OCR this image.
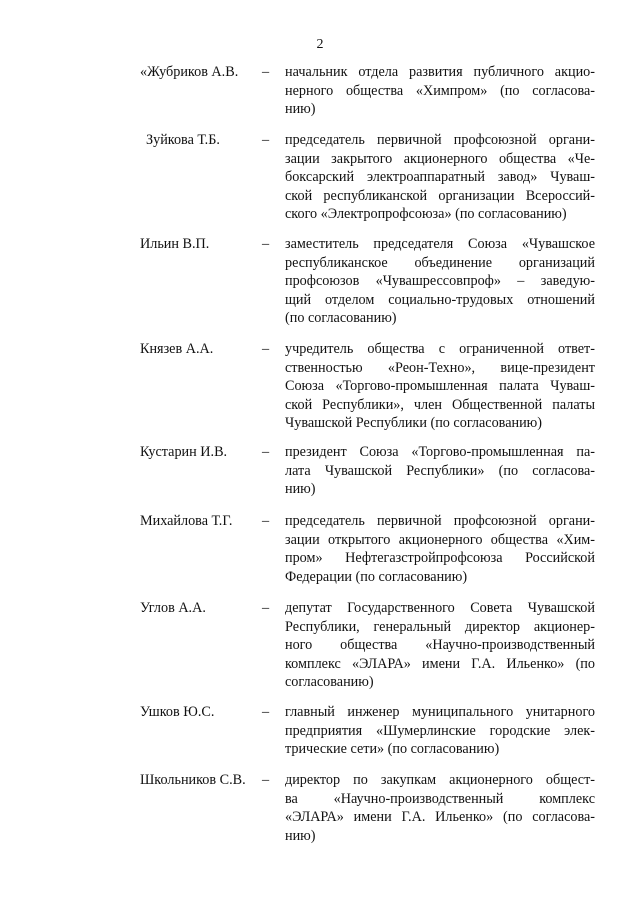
2
«Жубриков А.В. – начальник отдела развития публичного акцио-
нерного общества «Химпром» (по согласова-
нию)
Зуйкова Т.Б.	– председатель первичной профсоюзной органи-
зации закрытого акционерного общества «Че-
боксарский электроаппаратный завод» Чуваш-
ской республиканской организации Всероссий-
ского «Электропрофсоюза» (по согласованию)
Ильин В.П.	– заместитель председателя Союза «Чувашское
республиканское объединение организаций
профсоюзов «Чувашрессовпроф» – заведую-
щий отделом социально-трудовых отношений
(по согласованию)
Князев А.А.	– учредитель общества с ограниченной ответ-
ственностью «Реон-Техно», вице-президент
Союза «Торгово-промышленная палата Чуваш-
ской Республики», член Общественной палаты
Чувашской Республики (по согласованию)
Кустарин И.В. – президент Союза «Торгово-промышленная па-
лата Чувашской Республики» (по согласова-
нию)
Михайлова Т.Г. – председатель первичной профсоюзной органи-
зации открытого акционерного общества «Хим-
пром» Нефтегазстройпрофсоюза Российской
Федерации (по согласованию)
Углов А.А.	– депутат Государственного Совета Чувашской
Республики, генеральный директор акционер-
ного общества «Научно-производственный
комплекс «ЭЛАРА» имени Г.А. Ильенко» (по
согласованию)
Ушков Ю.С.	– главный инженер муниципального унитарного
предприятия «Шумерлинские городские элек-
трические сети» (по согласованию)
Школьников С.В. – директор по закупкам акционерного общест-
ва «Научно-производственный комплекс
«ЭЛАРА» имени Г.А. Ильенко» (по согласова-
нию)
